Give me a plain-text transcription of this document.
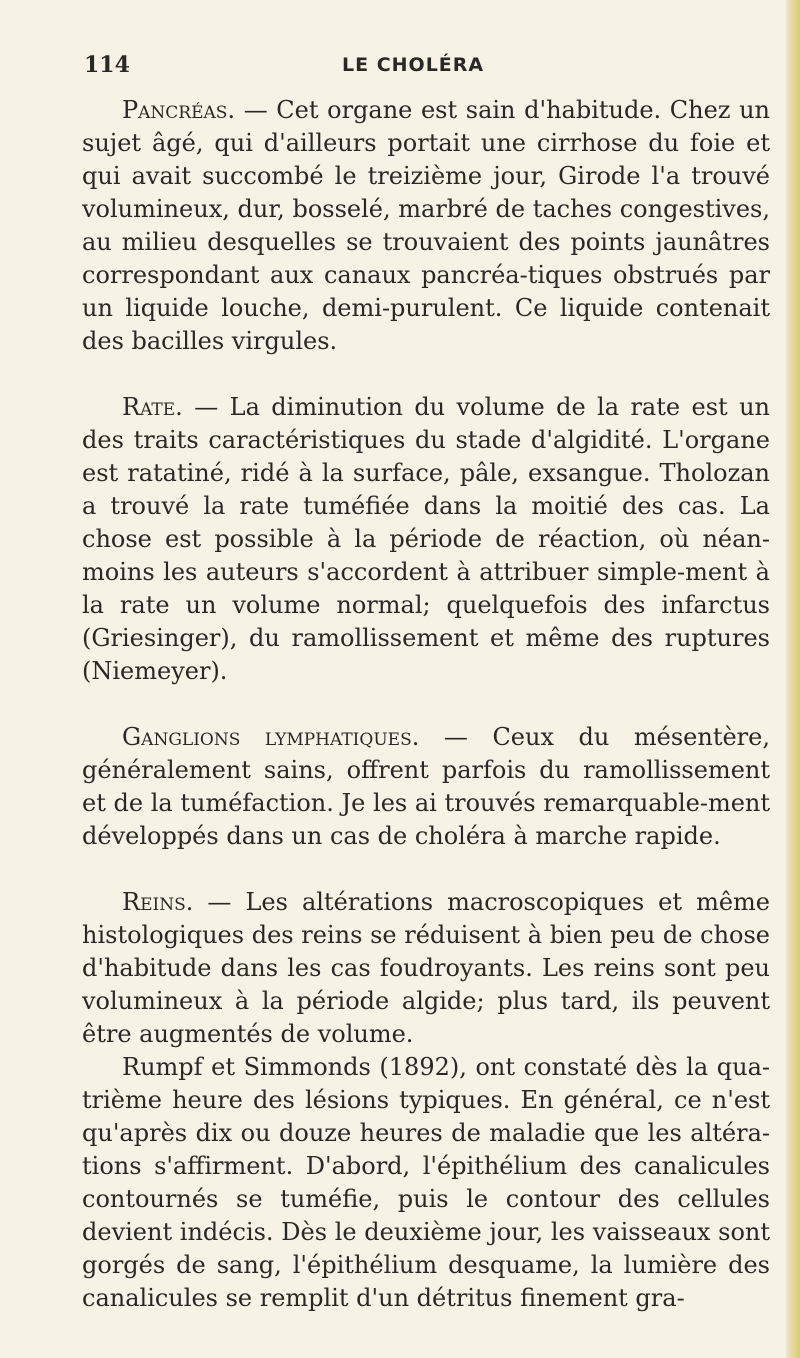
114	LE CHOLÉRA

Pancréas. — Cet organe est sain d'habitude. Chez un sujet âgé, qui d'ailleurs portait une cirrhose du foie et qui avait succombé le treizième jour, Girode l'a trouvé volumineux, dur, bosselé, marbré de taches congestives, au milieu desquelles se trouvaient des points jaunâtres correspondant aux canaux pancréa-tiques obstrués par un liquide louche, demi-purulent. Ce liquide contenait des bacilles virgules.

Rate. — La diminution du volume de la rate est un des traits caractéristiques du stade d'algidité. L'organe est ratatiné, ridé à la surface, pâle, exsangue. Tholozan a trouvé la rate tuméfiée dans la moitié des cas. La chose est possible à la période de réaction, où néan-moins les auteurs s'accordent à attribuer simple-ment à la rate un volume normal; quelquefois des infarctus (Griesinger), du ramollissement et même des ruptures (Niemeyer).

Ganglions lymphatiques. — Ceux du mésentère, généralement sains, offrent parfois du ramollissement et de la tuméfaction. Je les ai trouvés remarquable-ment développés dans un cas de choléra à marche rapide.

Reins. — Les altérations macroscopiques et même histologiques des reins se réduisent à bien peu de chose d'habitude dans les cas foudroyants. Les reins sont peu volumineux à la période algide; plus tard, ils peuvent être augmentés de volume.

Rumpf et Simmonds (1892), ont constaté dès la qua-trième heure des lésions typiques. En général, ce n'est qu'après dix ou douze heures de maladie que les altéra-tions s'affirment. D'abord, l'épithélium des canalicules contournés se tuméfie, puis le contour des cellules devient indécis. Dès le deuxième jour, les vaisseaux sont gorgés de sang, l'épithélium desquame, la lumière des canalicules se remplit d'un détritus finement gra-
